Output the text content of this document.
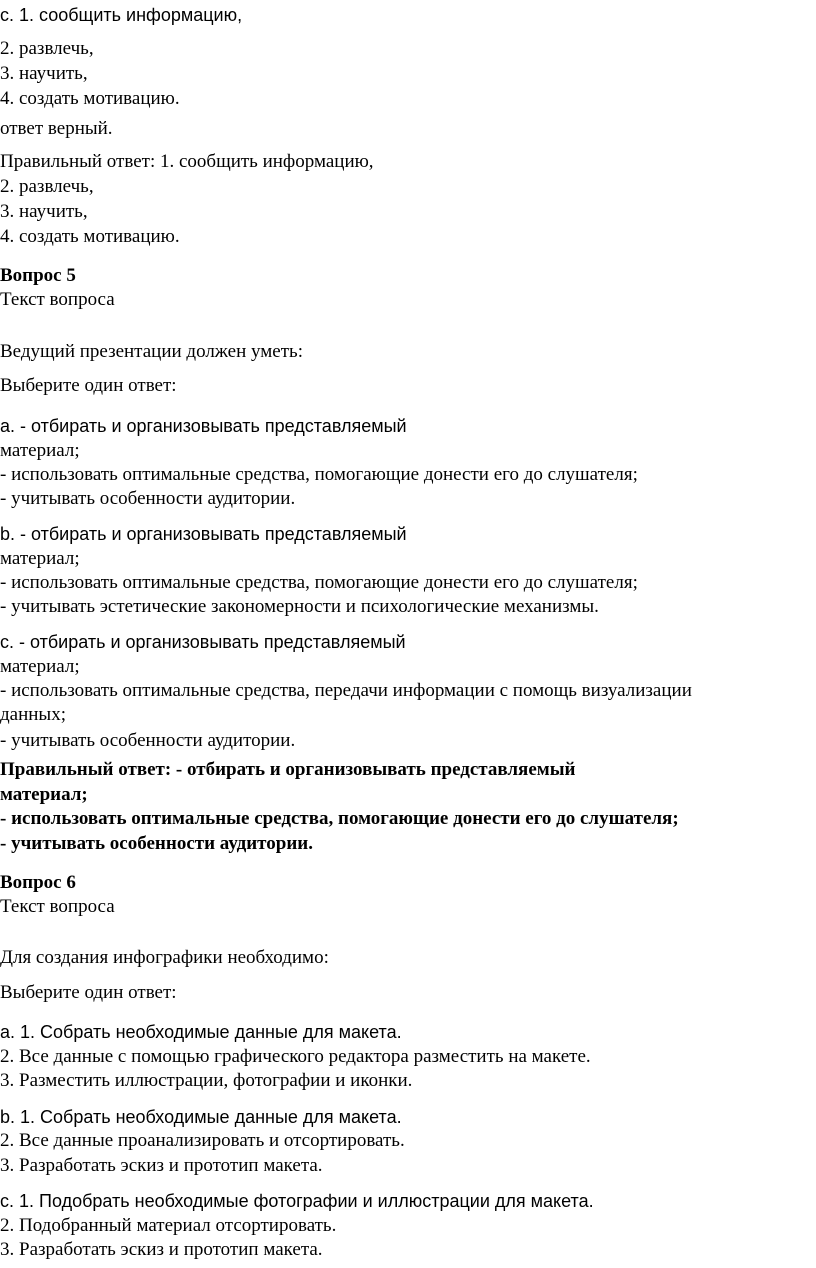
с. 1. сообщить информацию,
2. развлечь,
3. научить,
4. создать мотивацию.
ответ верный.
Правильный ответ: 1. сообщить информацию,
2. развлечь,
3. научить,
4. создать мотивацию.
Вопрос 5
Текст вопроса
Ведущий презентации должен уметь:
Выберите один ответ:
a. - отбирать и организовывать представляемый
материал;
- использовать оптимальные средства, помогающие донести его до слушателя;
- учитывать особенности аудитории.
b. - отбирать и организовывать представляемый
материал;
- использовать оптимальные средства, помогающие донести его до слушателя;
- учитывать эстетические закономерности и психологические механизмы.
с. - отбирать и организовывать представляемый
материал;
- использовать оптимальные средства, передачи информации с помощь визуализации
данных;
- учитывать особенности аудитории.
Правильный ответ: - отбирать и организовывать представляемый
материал;
- использовать оптимальные средства, помогающие донести его до слушателя;
- учитывать особенности аудитории.
Вопрос 6
Текст вопроса
Для создания инфографики необходимо:
Выберите один ответ:
a. 1. Собрать необходимые данные для макета.
2. Все данные с помощью графического редактора разместить на макете.
3. Разместить иллюстрации, фотографии и иконки.
b. 1. Собрать необходимые данные для макета.
2. Все данные проанализировать и отсортировать.
3. Разработать эскиз и прототип макета.
с. 1. Подобрать необходимые фотографии и иллюстрации для макета.
2. Подобранный материал отсортировать.
3. Разработать эскиз и прототип макета.
